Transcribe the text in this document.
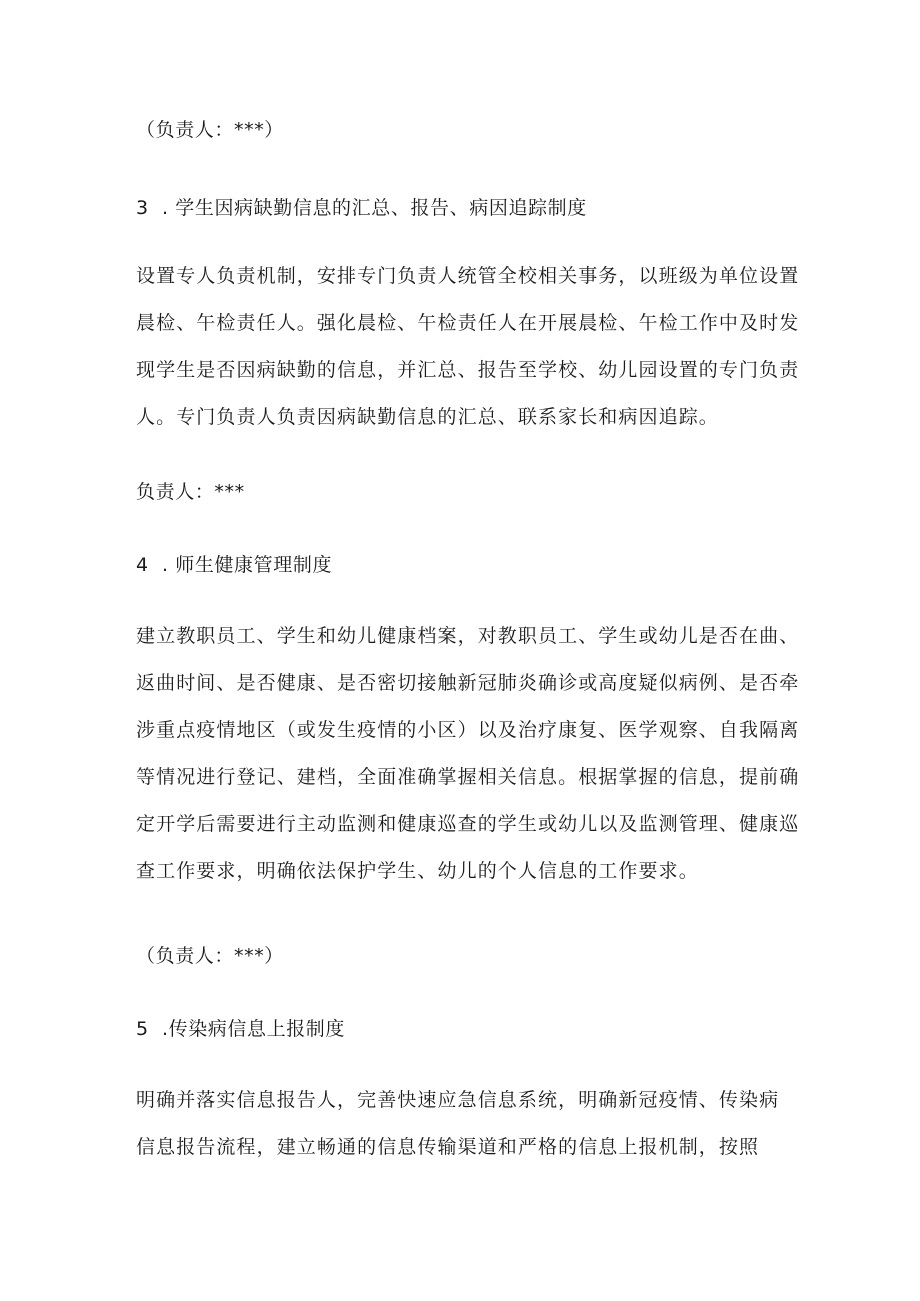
（负责人：***）
3  . 学生因病缺勤信息的汇总、报告、病因追踪制度
设置专人负责机制，安排专门负责人统管全校相关事务，以班级为单位设置
晨检、午检责任人。强化晨检、午检责任人在开展晨检、午检工作中及时发
现学生是否因病缺勤的信息，并汇总、报告至学校、幼儿园设置的专门负责
人。专门负责人负责因病缺勤信息的汇总、联系家长和病因追踪。
负责人：***
4  . 师生健康管理制度
建立教职员工、学生和幼儿健康档案，对教职员工、学生或幼儿是否在曲、
返曲时间、是否健康、是否密切接触新冠肺炎确诊或高度疑似病例、是否牵
涉重点疫情地区（或发生疫情的小区）以及治疗康复、医学观察、自我隔离
等情况进行登记、建档，全面准确掌握相关信息。根据掌握的信息，提前确
定开学后需要进行主动监测和健康巡查的学生或幼儿以及监测管理、健康巡
查工作要求，明确依法保护学生、幼儿的个人信息的工作要求。
（负责人：***）
5  .传染病信息上报制度
明确并落实信息报告人，完善快速应急信息系统，明确新冠疫情、传染病
信息报告流程，建立畅通的信息传输渠道和严格的信息上报机制，按照
